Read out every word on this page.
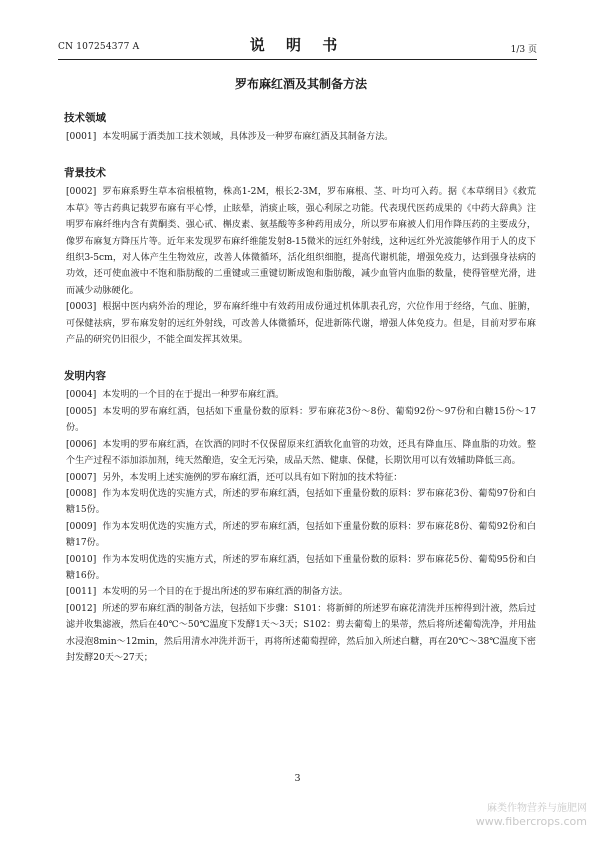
CN 107254377 A	说 明 书	1/3 页
罗布麻红酒及其制备方法
技术领域

[0001] 本发明属于酒类加工技术领域，具体涉及一种罗布麻红酒及其制备方法。

背景技术

[0002] 罗布麻系野生草本宿根植物，株高1-2M，根长2-3M，罗布麻根、茎、叶均可入药。据《本草纲目》《救荒本草》等古药典记载罗布麻有平心悸，止眩晕，消痰止咳，强心利尿之功能。代表现代医药成果的《中药大辞典》注明罗布麻纤维内含有黄酮类、强心甙、槲皮素、氨基酸等多种药用成分，所以罗布麻被人们用作降压药的主要成分，像罗布麻复方降压片等。近年来发现罗布麻纤维能发射8-15微米的远红外射线，这种远红外光波能够作用于人的皮下组织3-5cm，对人体产生生物效应，改善人体微循环，活化组织细胞，提高代谢机能，增强免疫力，达到强身祛病的功效，还可使血液中不饱和脂肪酸的二重键或三重键切断成饱和脂肪酸，减少血管内血脂的数量，使得管壁光滑，进而减少动脉硬化。

[0003] 根据中医内病外治的理论，罗布麻纤维中有效药用成份通过机体肌表孔窍，穴位作用于经络，气血、脏腑，可保健祛病，罗布麻发射的远红外射线，可改善人体微循环，促进新陈代谢，增强人体免疫力。但是，目前对罗布麻产品的研究仍旧很少，不能全面发挥其效果。

发明内容

[0004] 本发明的一个目的在于提出一种罗布麻红酒。

[0005] 本发明的罗布麻红酒，包括如下重量份数的原料：罗布麻花3份～8份、葡萄92份～97份和白糖15份～17份。

[0006] 本发明的罗布麻红酒，在饮酒的同时不仅保留原来红酒软化血管的功效，还具有降血压、降血脂的功效。整个生产过程不添加添加剂，纯天然酿造，安全无污染，成品天然、健康、保健，长期饮用可以有效辅助降低三高。

[0007] 另外，本发明上述实施例的罗布麻红酒，还可以具有如下附加的技术特征：

[0008] 作为本发明优选的实施方式，所述的罗布麻红酒，包括如下重量份数的原料：罗布麻花3份、葡萄97份和白糖15份。

[0009] 作为本发明优选的实施方式，所述的罗布麻红酒，包括如下重量份数的原料：罗布麻花8份、葡萄92份和白糖17份。

[0010] 作为本发明优选的实施方式，所述的罗布麻红酒，包括如下重量份数的原料：罗布麻花5份、葡萄95份和白糖16份。

[0011] 本发明的另一个目的在于提出所述的罗布麻红酒的制备方法。

[0012] 所述的罗布麻红酒的制备方法，包括如下步骤：S101：将新鲜的所述罗布麻花清洗并压榨得到汁液，然后过滤并收集滤液，然后在40℃～50℃温度下发酵1天～3天；S102：剪去葡萄上的果蒂，然后将所述葡萄洗净，并用盐水浸泡8min～12min，然后用清水冲洗并沥干，再将所述葡萄捏碎，然后加入所述白糖，再在20℃～38℃温度下密封发酵20天～27天；

3
麻类作物营养与施肥网
www.fibercrops.com
